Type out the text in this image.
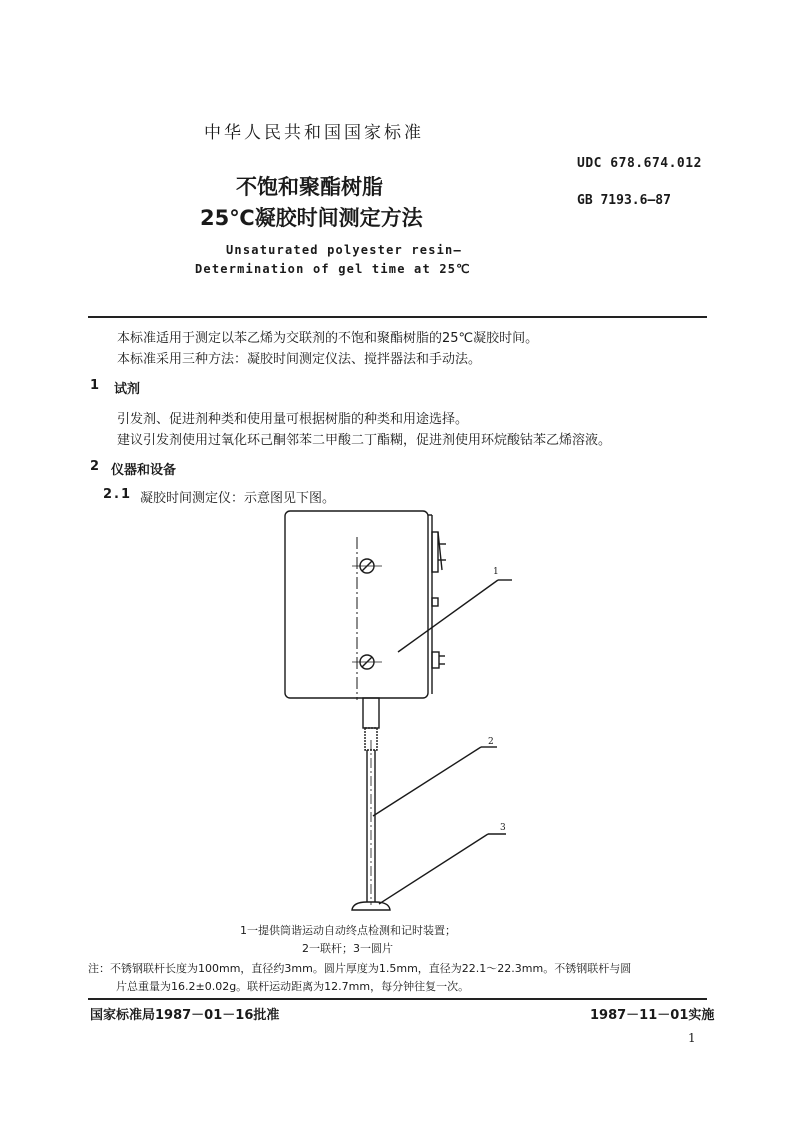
中华人民共和国国家标准
UDC 678.674.012
GB 7193.6—87
不饱和聚酯树脂
25℃凝胶时间测定方法
Unsaturated polyester resin—
Determination of gel time at 25℃
本标准适用于测定以苯乙烯为交联剂的不饱和聚酯树脂的25℃凝胶时间。
本标准采用三种方法：凝胶时间测定仪法、搅拌器法和手动法。
1 试剂
引发剂、促进剂种类和使用量可根据树脂的种类和用途选择。
建议引发剂使用过氧化环己酮邻苯二甲酸二丁酯糊，促进剂使用环烷酸钴苯乙烯溶液。
2 仪器和设备
2.1 凝胶时间测定仪：示意图见下图。
1
2
3
1一提供筒谐运动自动终点检测和记时装置；
2一联杆；3一圆片
注：不锈钢联杆长度为100mm，直径约3mm。圆片厚度为1.5mm，直径为22.1～22.3mm。不锈钢联杆与圆
片总重量为16.2±0.02g。联杆运动距离为12.7mm，每分钟往复一次。
国家标准局1987－01－16批准	1987－11－01实施
1
